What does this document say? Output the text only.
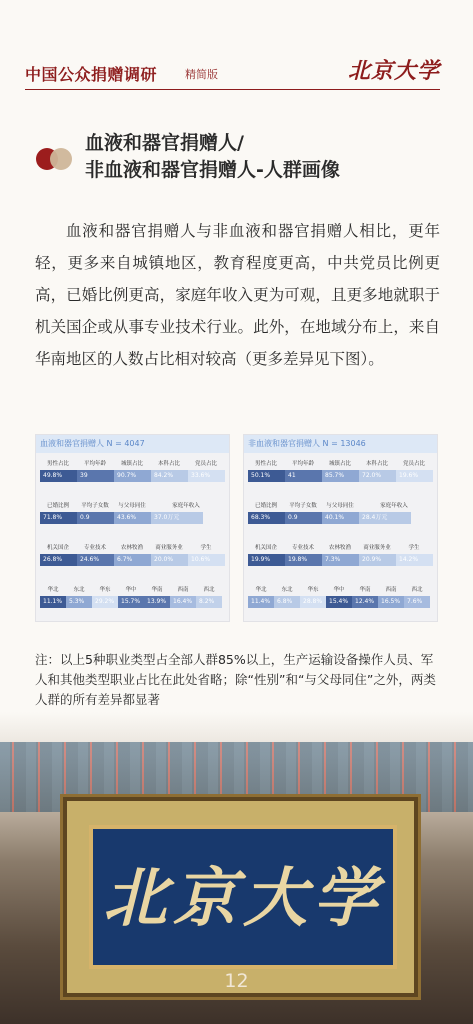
中国公众捐赠调研	精简版	北京大学
血液和器官捐赠人/
非血液和器官捐赠人-人群画像
血液和器官捐赠人与非血液和器官捐赠人相比，更年轻，更多来自城镇地区，教育程度更高，中共党员比例更高，已婚比例更高，家庭年收入更为可观，且更多地就职于机关国企或从事专业技术行业。此外，在地域分布上，来自华南地区的人数占比相对较高（更多差异见下图）。
血液和器官捐赠人 N = 4047
男性占比	平均年龄	城镇占比	本科占比	党员占比
49.8%	39	90.7%	84.2%	33.6%
已婚比例	平均子女数	与父母同住	家庭年收入
71.8%	0.9	43.6%	37.0万元
机关国企	专业技术	农林牧渔	商业服务业	学生
26.8%	24.6%	6.7%	20.0%	10.6%
华北	东北	华东	华中	华南	西南	西北
11.1%	5.3%	29.2%	15.7%	13.9%	16.4%	8.2%
非血液和器官捐赠人 N = 13046
男性占比	平均年龄	城镇占比	本科占比	党员占比
50.1%	41	85.7%	72.0%	19.6%
已婚比例	平均子女数	与父母同住	家庭年收入
68.3%	0.9	40.1%	28.4万元
机关国企	专业技术	农林牧渔	商业服务业	学生
19.9%	19.8%	7.3%	20.9%	14.2%
华北	东北	华东	华中	华南	西南	西北
11.4%	6.8%	28.8%	15.4%	12.4%	16.5%	7.6%
注：以上5种职业类型占全部人群85%以上，生产运输设备操作人员、军人和其他类型职业占比在此处省略；除“性别”和“与父母同住”之外，两类人群的所有差异都显著
北京大学
12
